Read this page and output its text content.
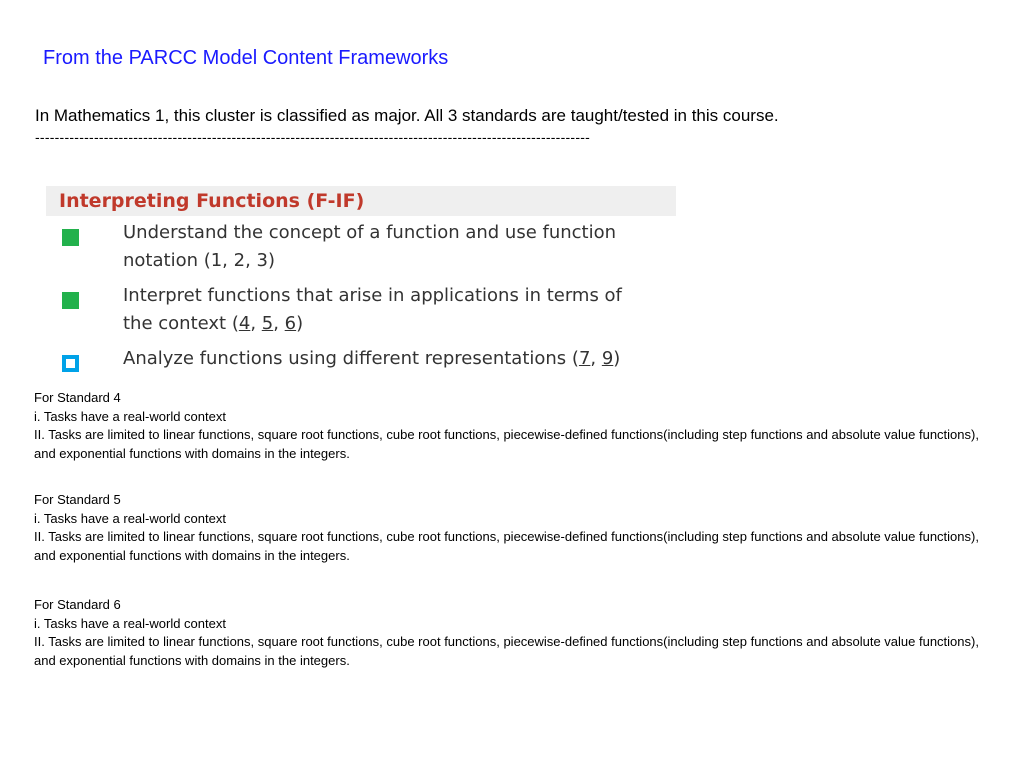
From the PARCC Model Content Frameworks
In Mathematics 1, this cluster is classified as major. All 3 standards are taught/tested in this course.
-----------------------------------------------------------------------------------------------------------------
Interpreting Functions (F-IF)
Understand the concept of a function and use function
notation (1, 2, 3)
Interpret functions that arise in applications in terms of
the context (4, 5, 6)
Analyze functions using different representations (7, 9)
For Standard 4
i. Tasks have a real-world context
II. Tasks are limited to linear functions, square root functions, cube root functions, piecewise-defined functions(including step functions and absolute value functions), and exponential functions with domains in the integers.
For Standard 5
i. Tasks have a real-world context
II. Tasks are limited to linear functions, square root functions, cube root functions, piecewise-defined functions(including step functions and absolute value functions), and exponential functions with domains in the integers.
For Standard 6
i. Tasks have a real-world context
II. Tasks are limited to linear functions, square root functions, cube root functions, piecewise-defined functions(including step functions and absolute value functions), and exponential functions with domains in the integers.
